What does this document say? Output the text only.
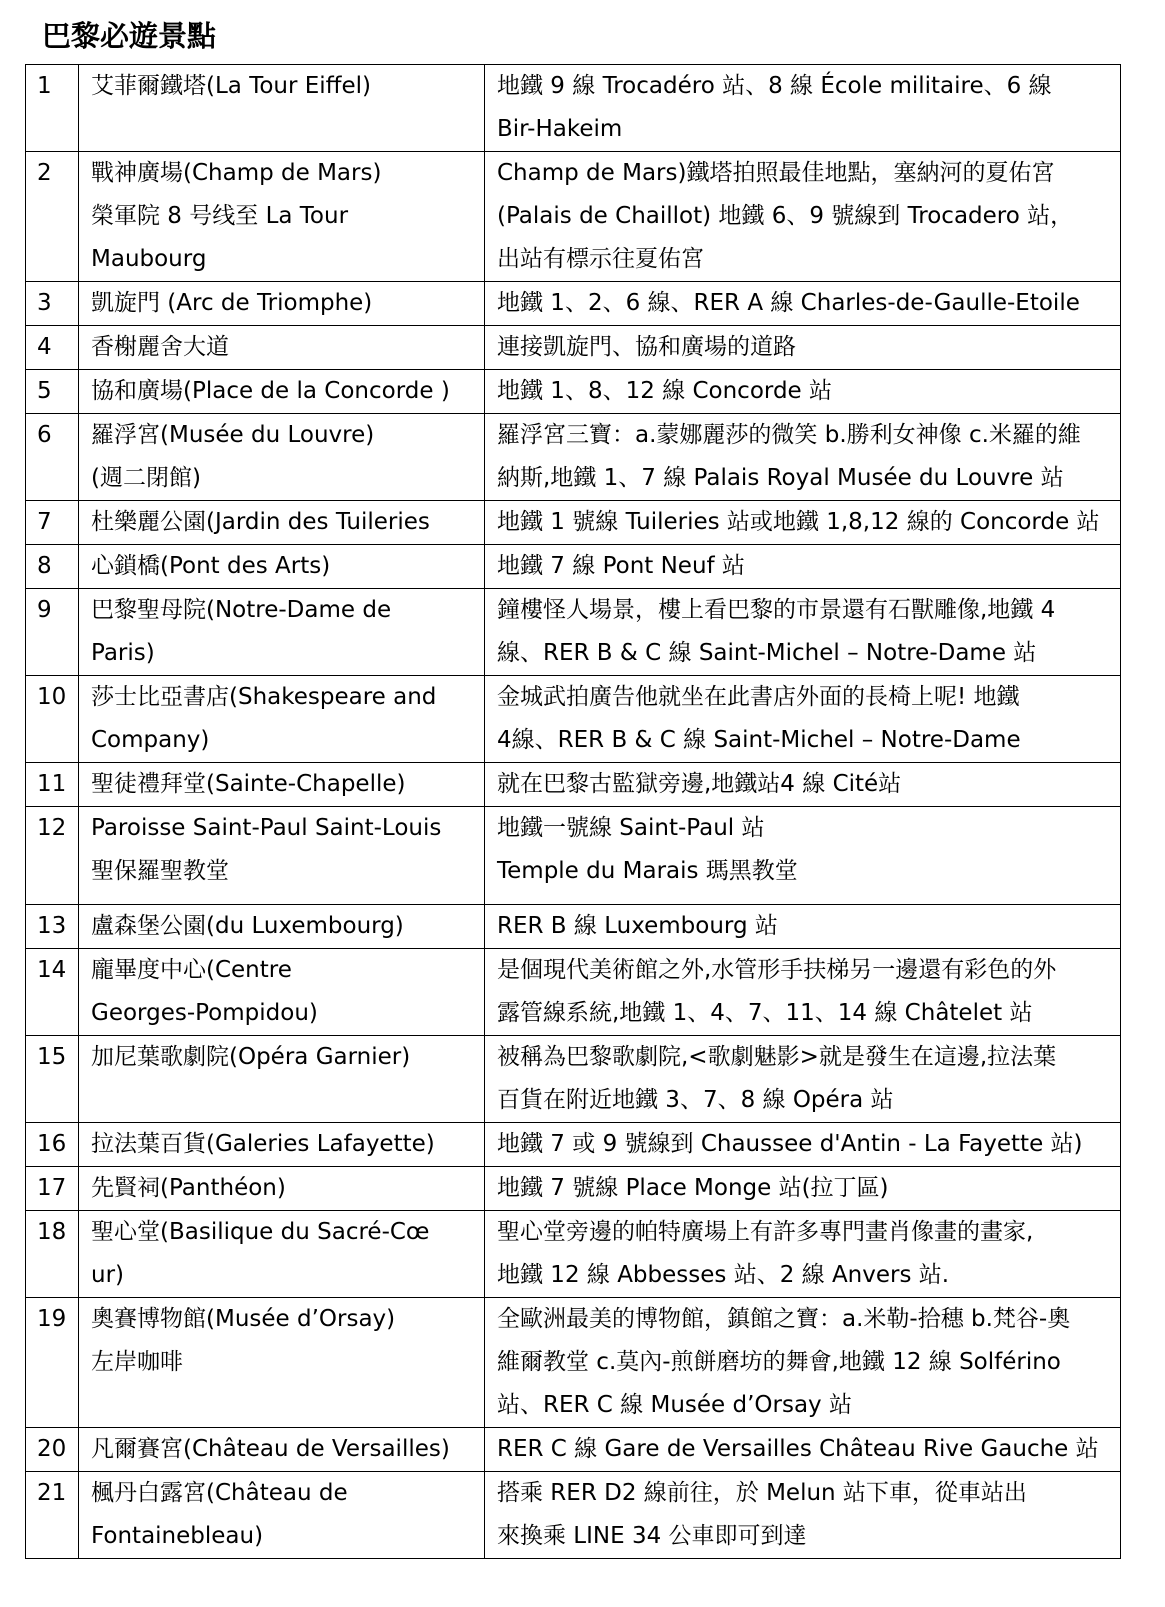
巴黎必遊景點
1	艾菲爾鐵塔(La Tour Eiffel)	地鐵 9 線 Trocadéro 站、8 線 École militaire、6 線
Bir-Hakeim
2	戰神廣場(Champ de Mars)
榮軍院 8 号线至 La Tour
Maubourg	Champ de Mars)鐵塔拍照最佳地點，塞納河的夏佑宮
(Palais de Chaillot) 地鐵 6、9 號線到 Trocadero 站，
出站有標示往夏佑宮
3	凱旋門 (Arc de Triomphe)	地鐵 1、2、6 線、RER A 線 Charles-de-Gaulle-Etoile
4	香榭麗舍大道	連接凱旋門、協和廣場的道路
5	協和廣場(Place de la Concorde )	地鐵 1、8、12 線 Concorde 站
6	羅浮宮(Musée du Louvre)
(週二閉館)	羅浮宮三寶：a.蒙娜麗莎的微笑 b.勝利女神像 c.米羅的維
納斯,地鐵 1、7 線 Palais Royal Musée du Louvre 站
7	杜樂麗公園(Jardin des Tuileries	地鐵 1 號線 Tuileries 站或地鐵 1,8,12 線的 Concorde 站
8	心鎖橋(Pont des Arts)	地鐵 7 線 Pont Neuf 站
9	巴黎聖母院(Notre-Dame de
Paris)	鐘樓怪人場景，樓上看巴黎的市景還有石獸雕像,地鐵 4
線、RER B & C 線 Saint-Michel – Notre-Dame 站
10	莎士比亞書店(Shakespeare and
Company)	金城武拍廣告他就坐在此書店外面的長椅上呢! 地鐵
4線、RER B & C 線 Saint-Michel – Notre-Dame
11	聖徒禮拜堂(Sainte-Chapelle)	就在巴黎古監獄旁邊,地鐵站4 線 Cité站
12	Paroisse Saint-Paul Saint-Louis
聖保羅聖教堂	地鐵一號線 Saint-Paul 站
Temple du Marais 瑪黑教堂
13	盧森堡公園(du Luxembourg)	RER B 線 Luxembourg 站
14	龐畢度中心(Centre
Georges-Pompidou)	是個現代美術館之外,水管形手扶梯另一邊還有彩色的外
露管線系統,地鐵 1、4、7、11、14 線 Châtelet 站
15	加尼葉歌劇院(Opéra Garnier)	被稱為巴黎歌劇院,<歌劇魅影>就是發生在這邊,拉法葉
百貨在附近地鐵 3、7、8 線 Opéra 站
16	拉法葉百貨(Galeries Lafayette)	地鐵 7 或 9 號線到 Chaussee d'Antin - La Fayette 站)
17	先賢祠(Panthéon)	地鐵 7 號線 Place Monge 站(拉丁區)
18	聖心堂(Basilique du Sacré-Cœ
ur)	聖心堂旁邊的帕特廣場上有許多專門畫肖像畫的畫家,
地鐵 12 線 Abbesses 站、2 線 Anvers 站.
19	奧賽博物館(Musée d’Orsay)
左岸咖啡	全歐洲最美的博物館，鎮館之寶：a.米勒-拾穗 b.梵谷-奧
維爾教堂 c.莫內-煎餅磨坊的舞會,地鐵 12 線 Solférino
站、RER C 線 Musée d’Orsay 站
20	凡爾賽宮(Château de Versailles)	RER C 線 Gare de Versailles Château Rive Gauche 站
21	楓丹白露宮(Château de
Fontainebleau)	搭乘 RER D2 線前往，於 Melun 站下車，從車站出
來換乘 LINE 34 公車即可到達
